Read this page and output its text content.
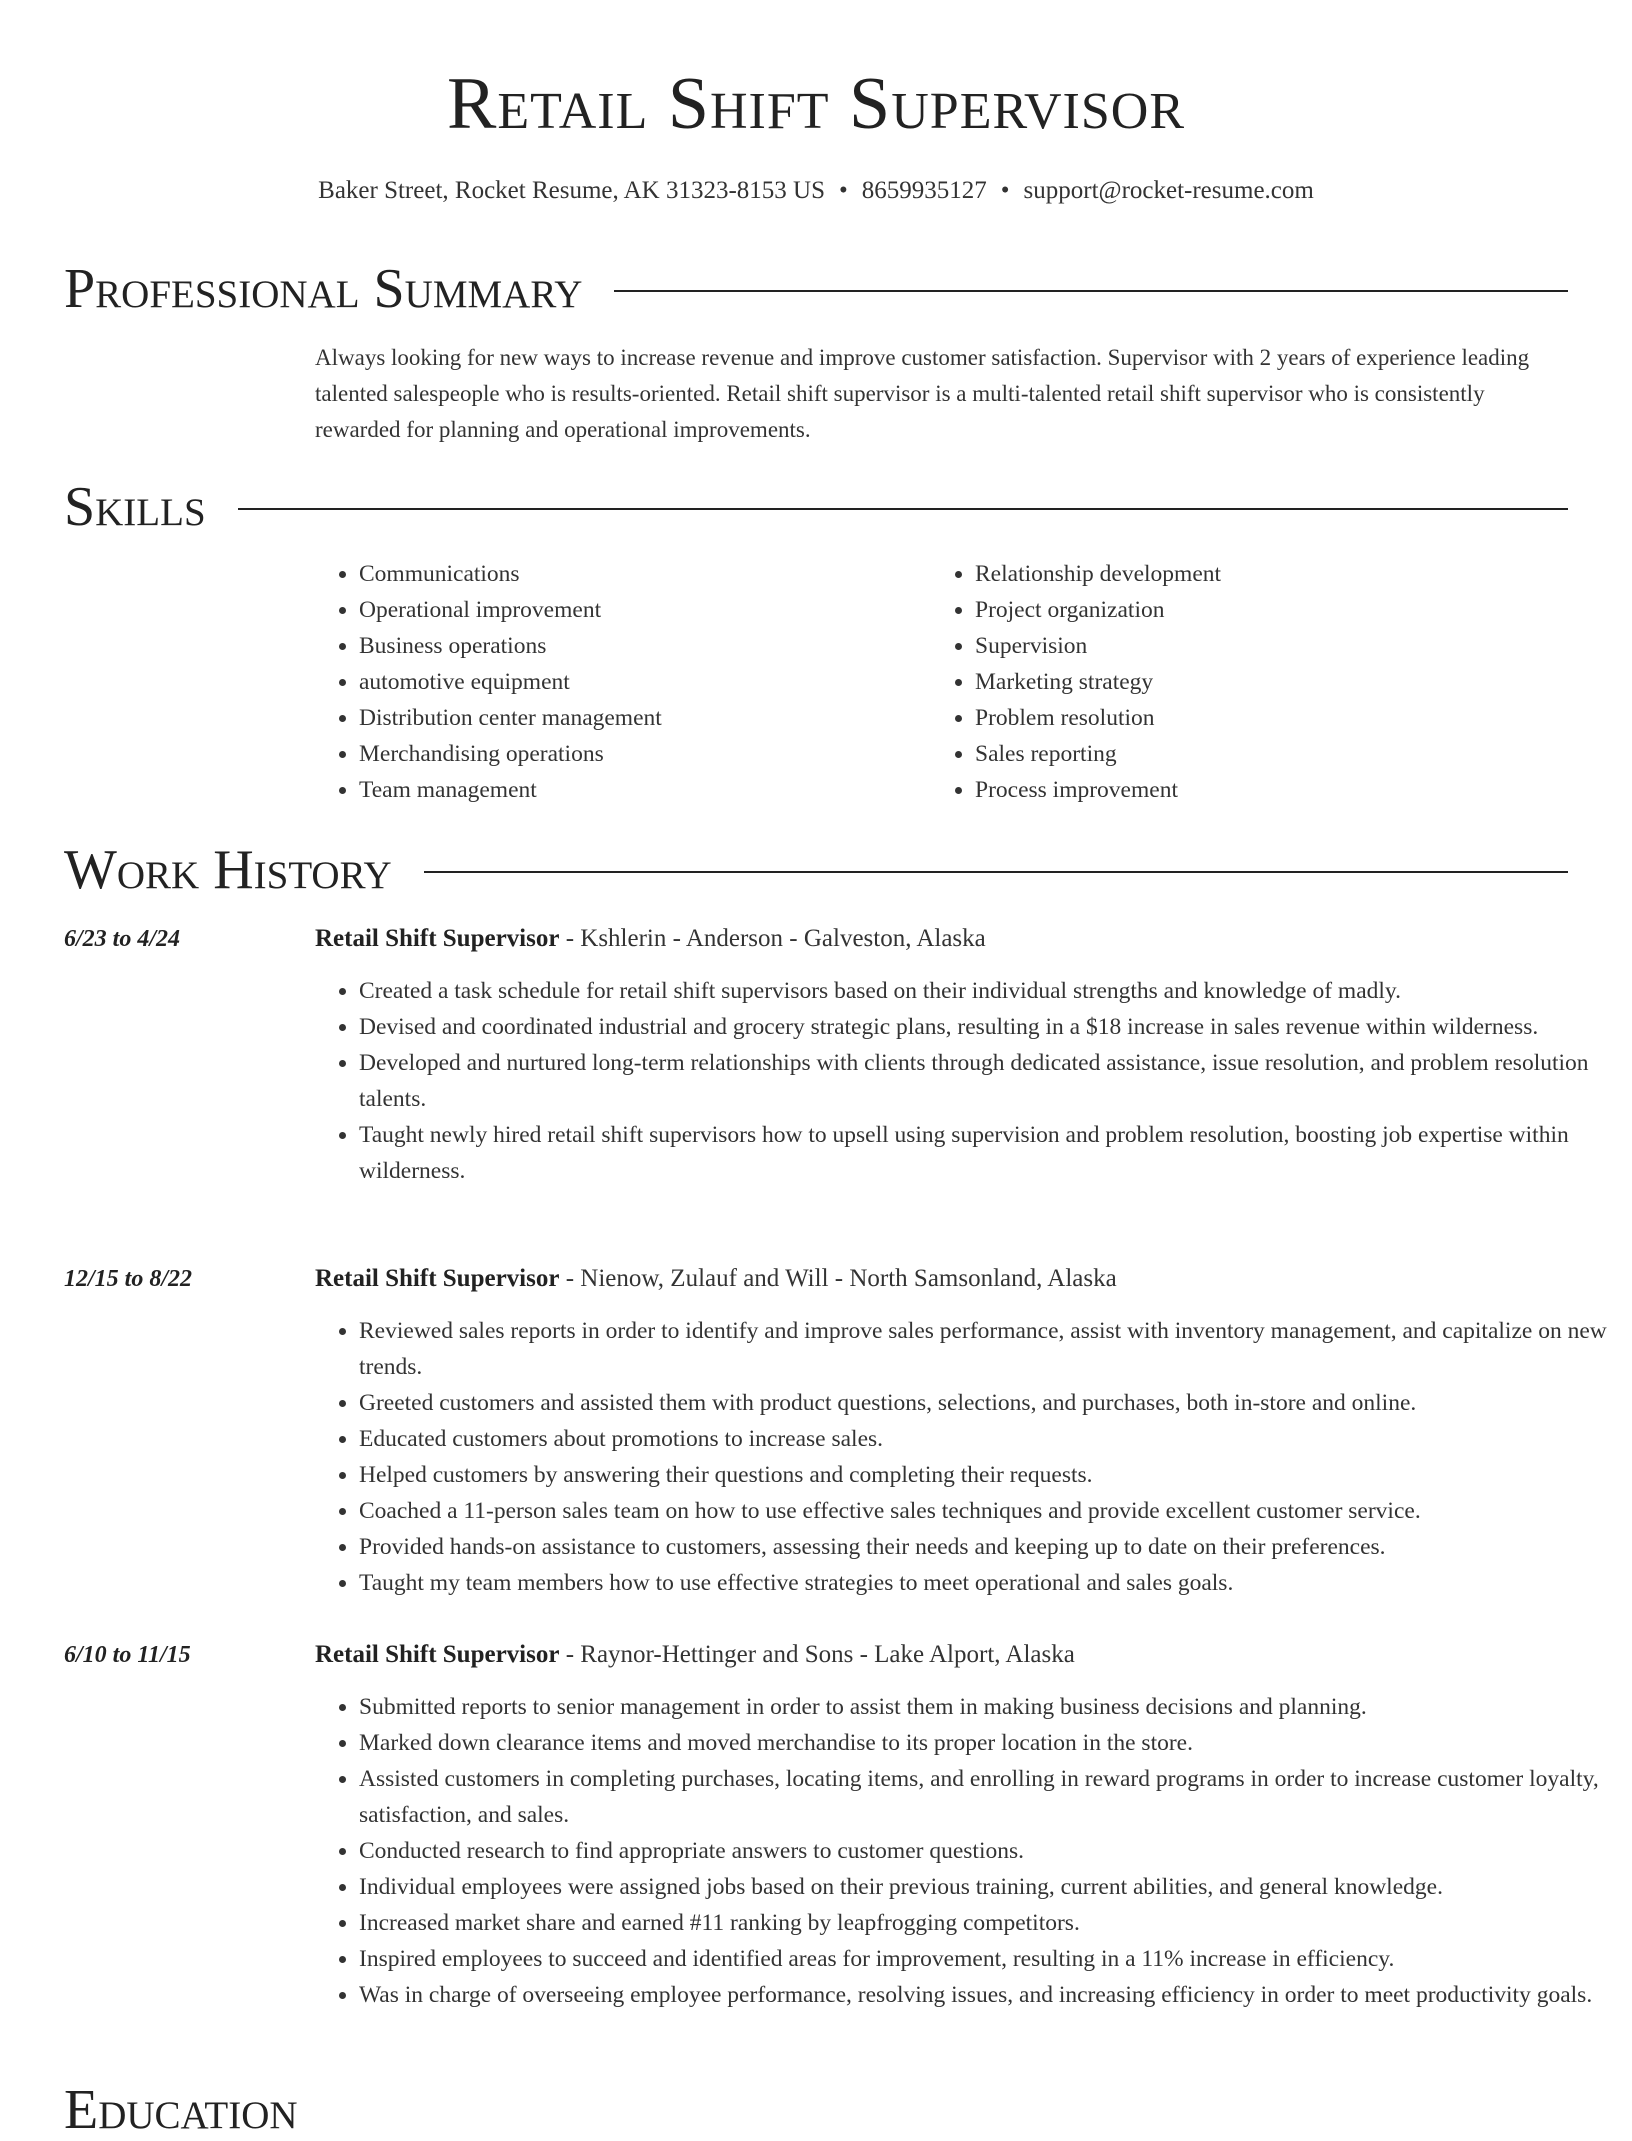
Retail Shift Supervisor
Baker Street, Rocket Resume, AK 31323-8153 US • 8659935127 • support@rocket-resume.com
Professional Summary

Always looking for new ways to increase revenue and improve customer satisfaction. Supervisor with 2 years of experience leading talented salespeople who is results-oriented. Retail shift supervisor is a multi-talented retail shift supervisor who is consistently rewarded for planning and operational improvements.

Skills
• Communications
• Operational improvement
• Business operations
• automotive equipment
• Distribution center management
• Merchandising operations
• Team management
• Relationship development
• Project organization
• Supervision
• Marketing strategy
• Problem resolution
• Sales reporting
• Process improvement
Work History
6/23 to 4/24	Retail Shift Supervisor - Kshlerin - Anderson - Galveston, Alaska
• Created a task schedule for retail shift supervisors based on their individual strengths and knowledge of madly.
• Devised and coordinated industrial and grocery strategic plans, resulting in a $18 increase in sales revenue within wilderness.
• Developed and nurtured long-term relationships with clients through dedicated assistance, issue resolution, and problem resolution talents.
• Taught newly hired retail shift supervisors how to upsell using supervision and problem resolution, boosting job expertise within wilderness.
12/15 to 8/22	Retail Shift Supervisor - Nienow, Zulauf and Will - North Samsonland, Alaska
• Reviewed sales reports in order to identify and improve sales performance, assist with inventory management, and capitalize on new trends.
• Greeted customers and assisted them with product questions, selections, and purchases, both in-store and online.
• Educated customers about promotions to increase sales.
• Helped customers by answering their questions and completing their requests.
• Coached a 11-person sales team on how to use effective sales techniques and provide excellent customer service.
• Provided hands-on assistance to customers, assessing their needs and keeping up to date on their preferences.
• Taught my team members how to use effective strategies to meet operational and sales goals.
6/10 to 11/15	Retail Shift Supervisor - Raynor-Hettinger and Sons - Lake Alport, Alaska
• Submitted reports to senior management in order to assist them in making business decisions and planning.
• Marked down clearance items and moved merchandise to its proper location in the store.
• Assisted customers in completing purchases, locating items, and enrolling in reward programs in order to increase customer loyalty, satisfaction, and sales.
• Conducted research to find appropriate answers to customer questions.
• Individual employees were assigned jobs based on their previous training, current abilities, and general knowledge.
• Increased market share and earned #11 ranking by leapfrogging competitors.
• Inspired employees to succeed and identified areas for improvement, resulting in a 11% increase in efficiency.
• Was in charge of overseeing employee performance, resolving issues, and increasing efficiency in order to meet productivity goals.
Education
